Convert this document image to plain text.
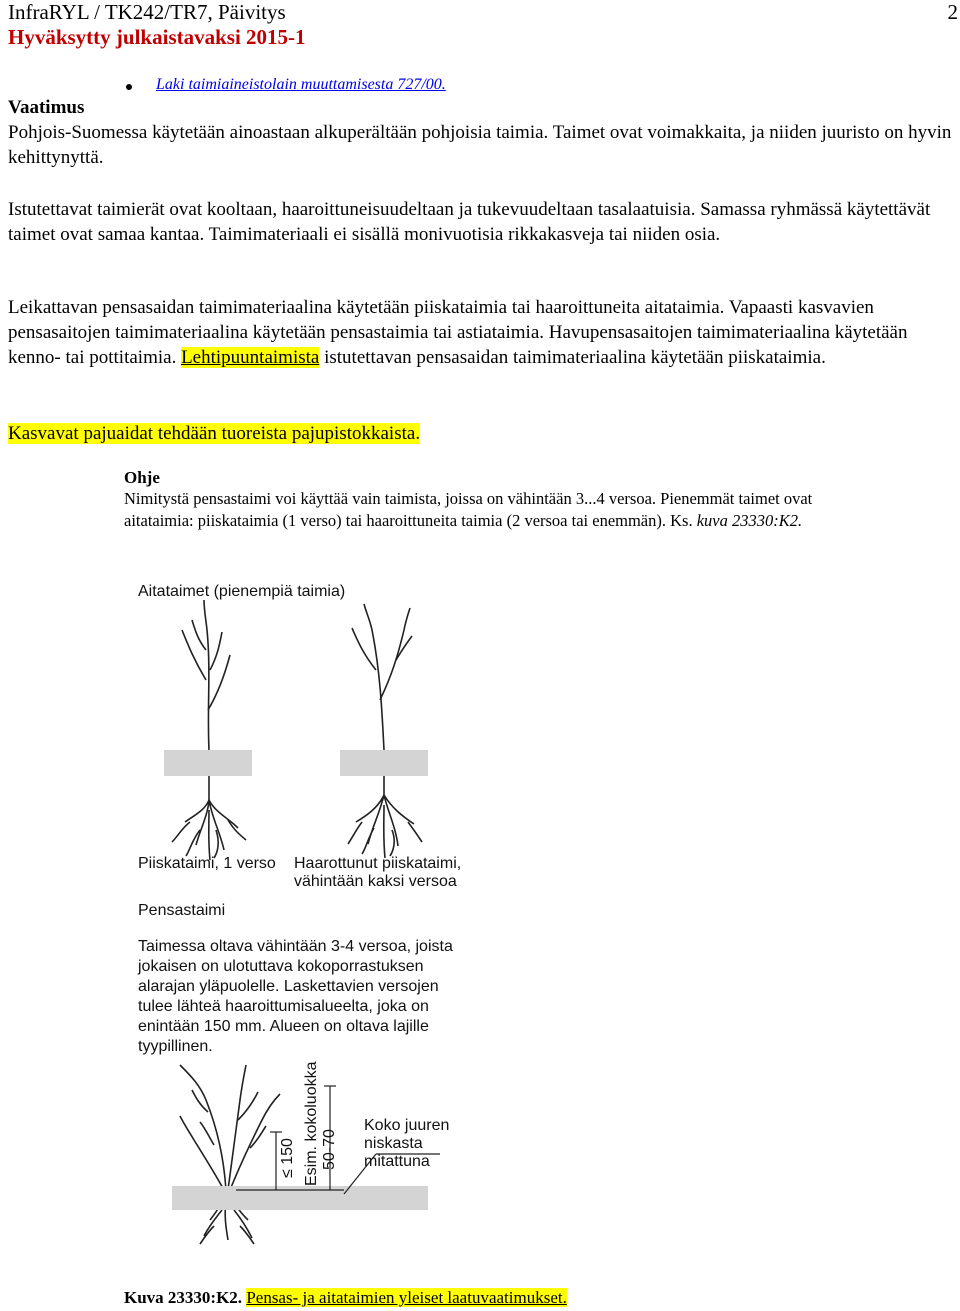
InfraRYL / TK242/TR7, Päivitys
Hyväksytty julkaistavaksi 2015-1
2
Laki taimiaineistolain muuttamisesta 727/00.
Vaatimus
Pohjois-Suomessa käytetään ainoastaan alkuperältään pohjoisia taimia. Taimet ovat voimakkaita, ja niiden juuristo on hyvin kehittynyttä.
Istutettavat taimierät ovat kooltaan, haaroittuneisuudeltaan ja tukevuudeltaan tasalaatuisia. Samassa ryhmässä käytettävät taimet ovat samaa kantaa. Taimimateriaali ei sisällä monivuotisia rikkakasveja tai niiden osia.
Leikattavan pensasaidan taimimateriaalina käytetään piiskataimia tai haaroittuneita aitataimia. Vapaasti kasvavien pensasaitojen taimimateriaalina käytetään pensastaimia tai astiataimia. Havupensasaitojen taimimateriaalina käytetään kenno- tai pottitaimia. Lehtipuuntaimista istutettavan pensasaidan taimimateriaalina käytetään piiskataimia.
Kasvavat pajuaidat tehdään tuoreista pajupistokkaista.
Ohje
Nimitystä pensastaimi voi käyttää vain taimista, joissa on vähintään 3...4 versoa. Pienemmät taimet ovat aitataimia: piiskataimia (1 verso) tai haaroittuneita taimia (2 versoa tai enemmän). Ks. kuva 23330:K2.
Aitataimet (pienempiä taimia)
Piiskataimi, 1 verso Haarottunut piiskataimi,
vähintään kaksi versoa
Pensastaimi
Taimessa oltava vähintään 3-4 versoa, joista
jokaisen on ulotuttava kokoporrastuksen
alarajan yläpuolelle. Laskettavien versojen
tulee lähteä haaroittumisalueelta, joka on
enintään 150 mm. Alueen on oltava lajille
tyypillinen.
≤ 150 Esim. kokoluokka 50-70
Koko juuren
niskasta
mitattuna
Kuva 23330:K2. Pensas- ja aitataimien yleiset laatuvaatimukset.
